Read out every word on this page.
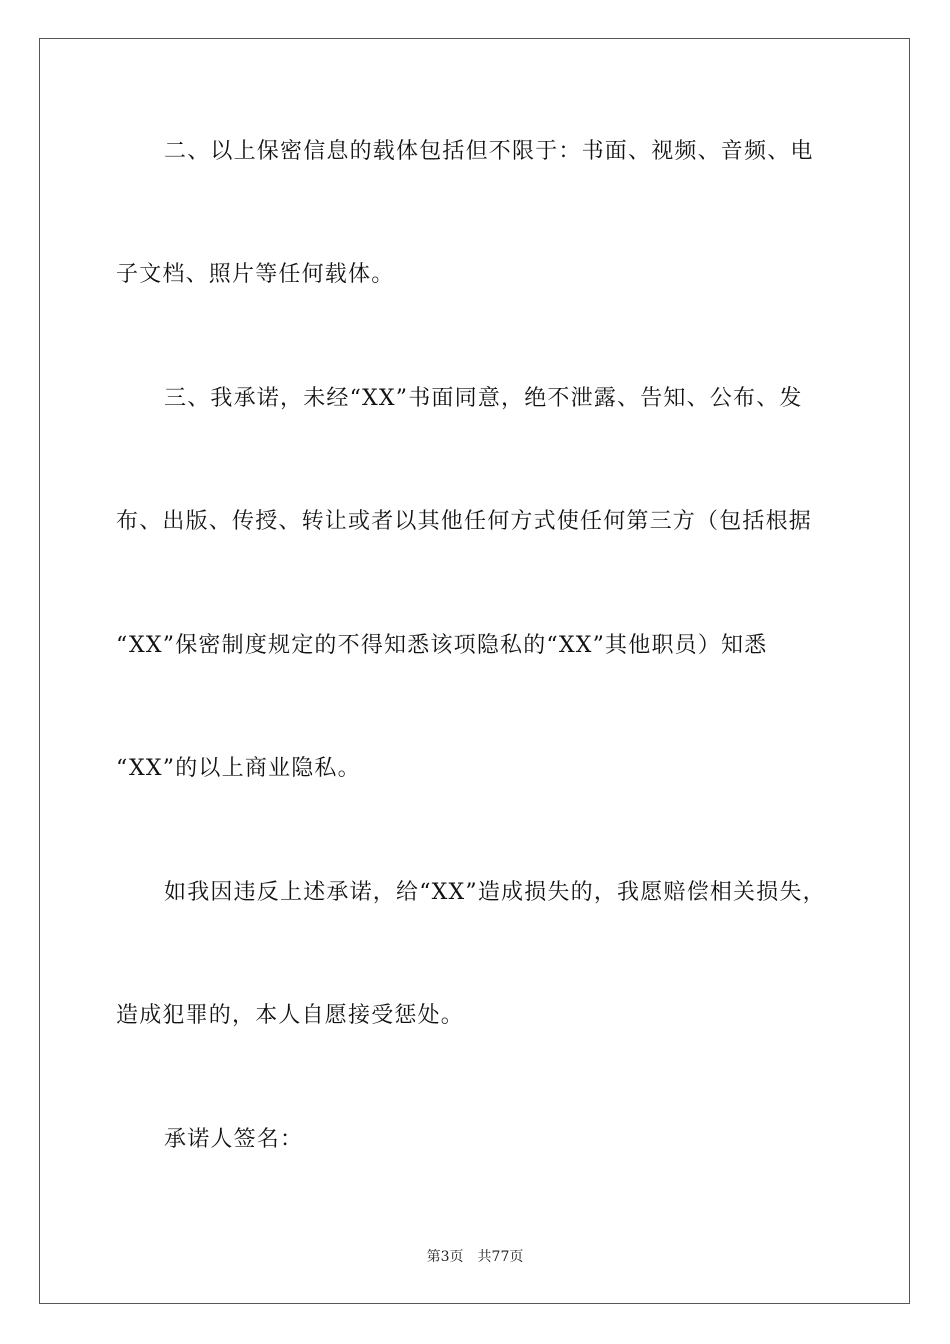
二、以上保密信息的载体包括但不限于：书面、视频、音频、电
子文档、照片等任何载体。
三、我承诺，未经“XX”书面同意，绝不泄露、告知、公布、发
布、出版、传授、转让或者以其他任何方式使任何第三方（包括根据
“XX”保密制度规定的不得知悉该项隐私的“XX”其他职员）知悉
“XX”的以上商业隐私。
如我因违反上述承诺，给“XX”造成损失的，我愿赔偿相关损失，
造成犯罪的，本人自愿接受惩处。
承诺人签名：
第3页 共77页
